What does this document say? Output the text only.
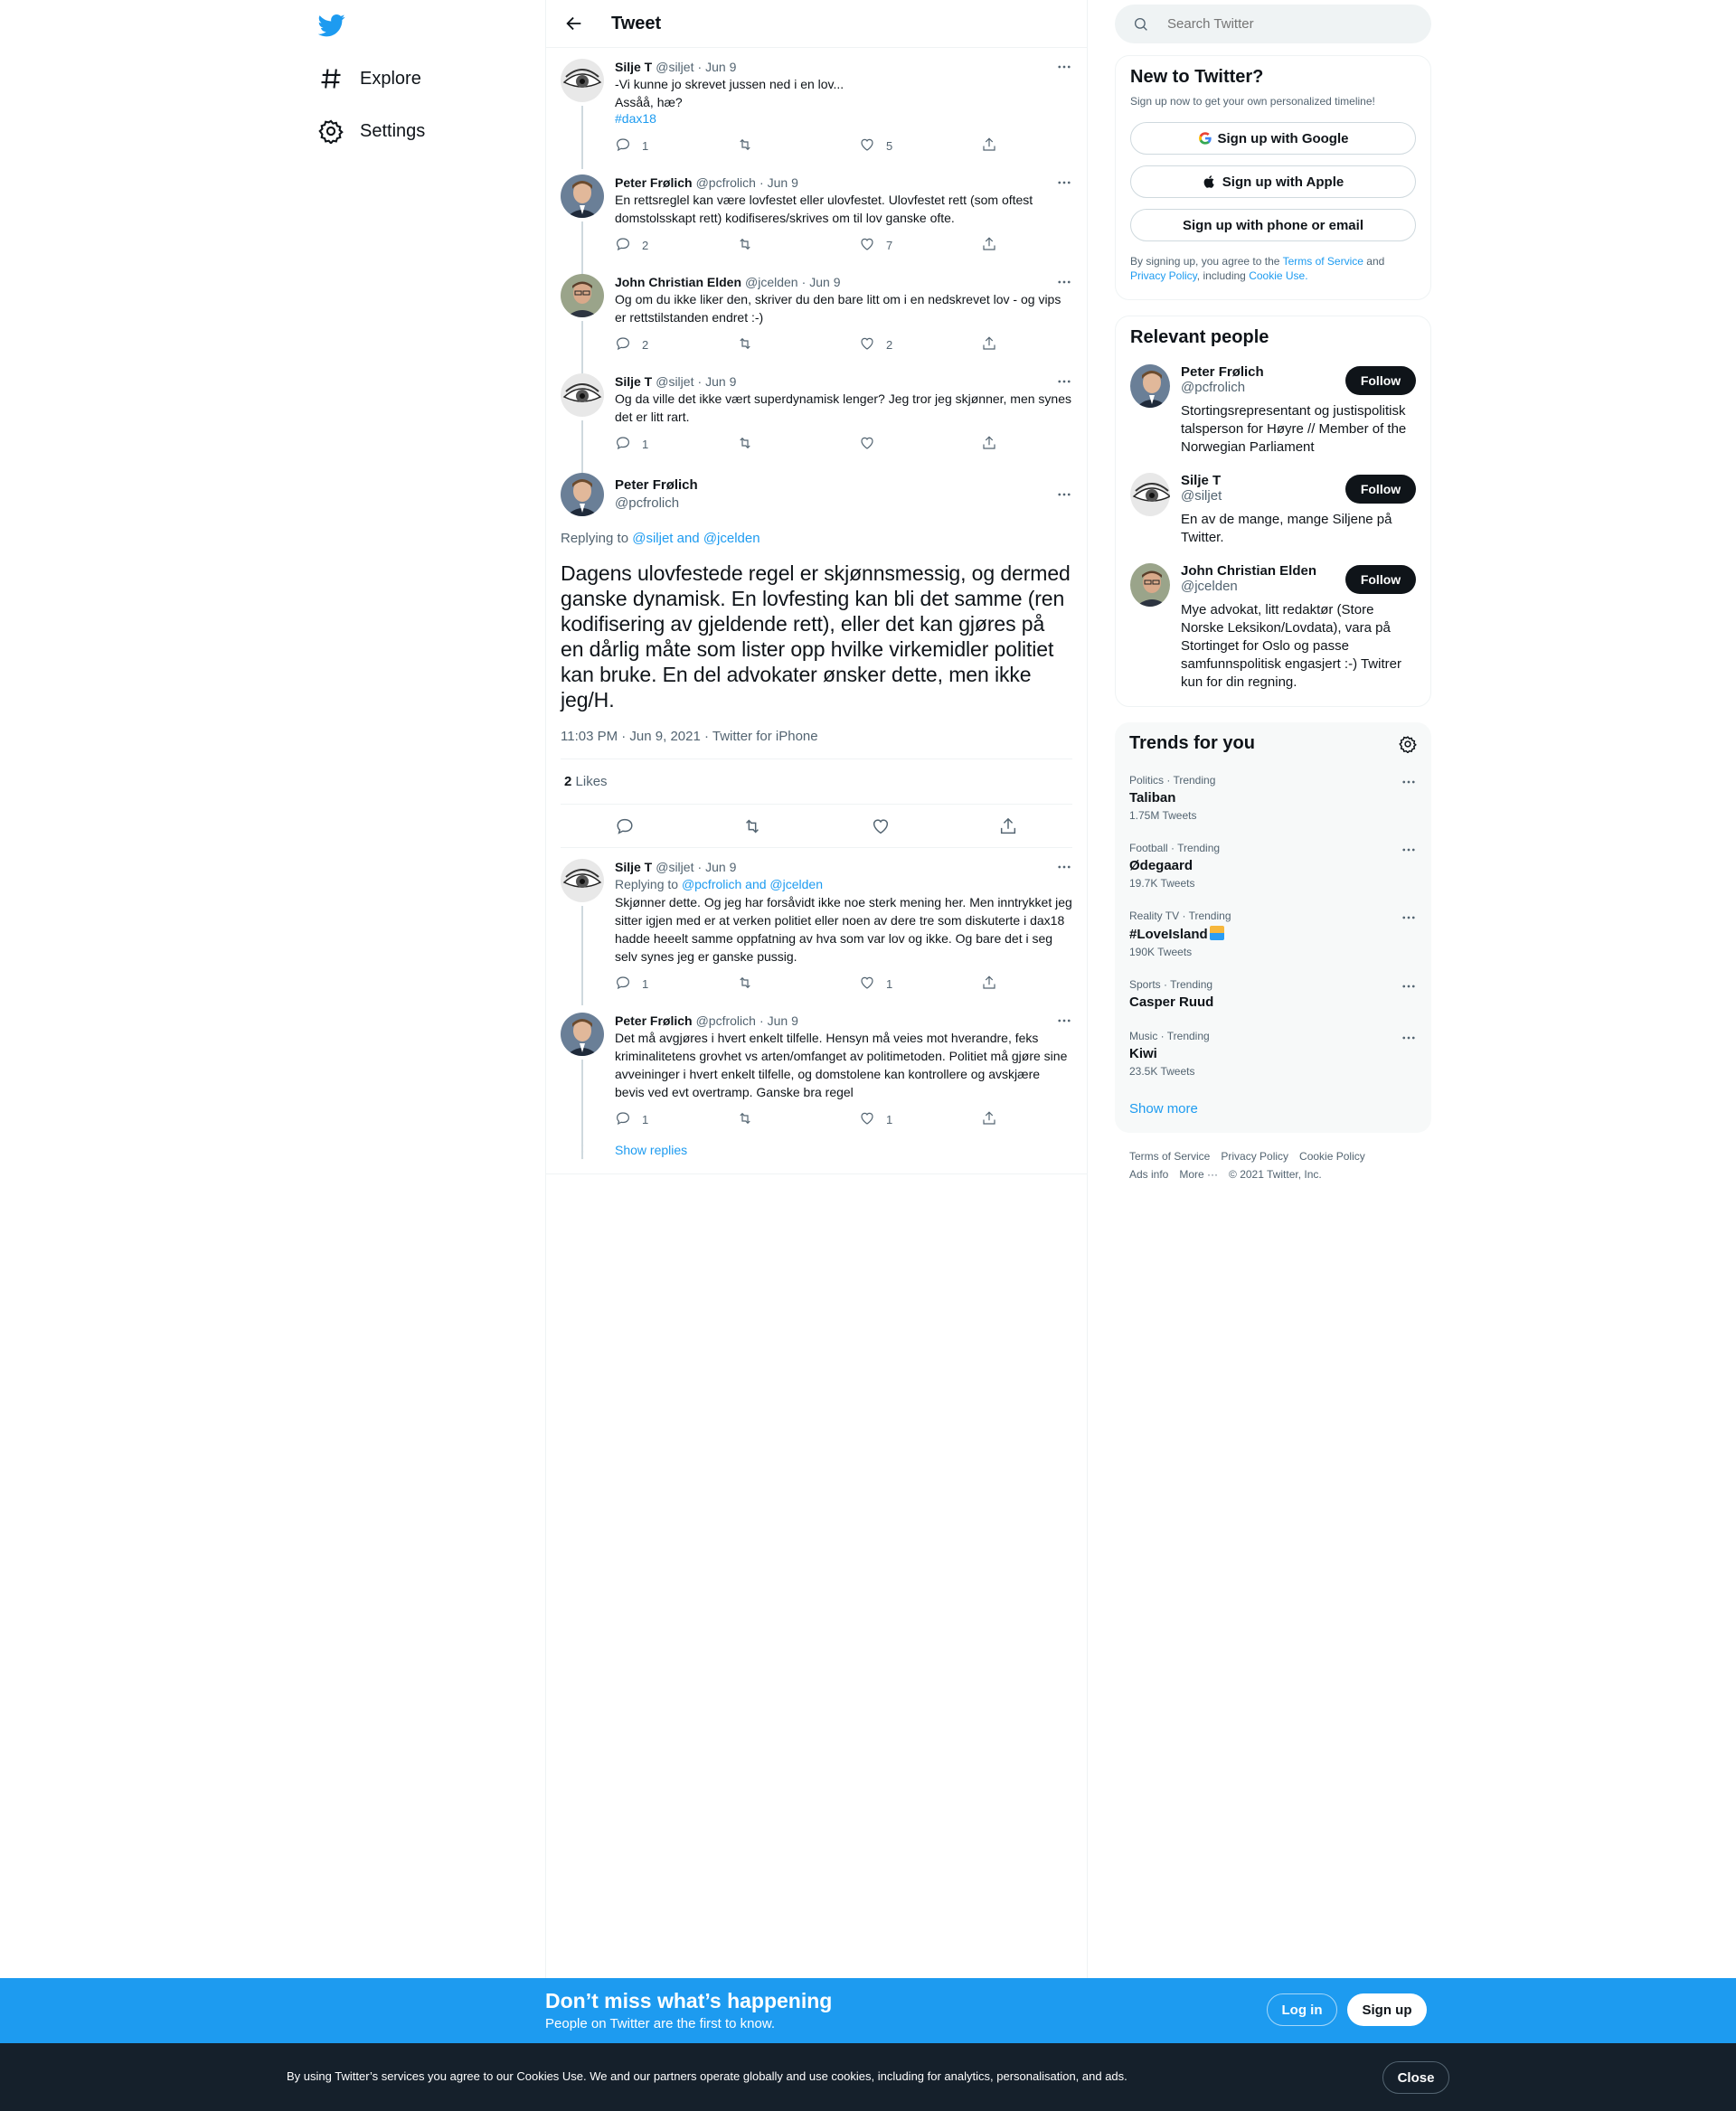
Explore
Settings
Tweet
Silje T @siljet · Jun 9
-Vi kunne jo skrevet jussen ned i en lov...
Assåå, hæ?
#dax18
1	5
Peter Frølich @pcfrolich · Jun 9
En rettsreglel kan være lovfestet eller ulovfestet. Ulovfestet rett (som oftest domstolsskapt rett) kodifiseres/skrives om til lov ganske ofte.
2	7
John Christian Elden @jcelden · Jun 9
Og om du ikke liker den, skriver du den bare litt om i en nedskrevet lov - og vips er rettstilstanden endret :-)
2	2
Silje T @siljet · Jun 9
Og da ville det ikke vært superdynamisk lenger? Jeg tror jeg skjønner, men synes det er litt rart.
1
Peter Frølich
@pcfrolich
Replying to @siljet and @jcelden
Dagens ulovfestede regel er skjønnsmessig, og dermed ganske dynamisk. En lovfesting kan bli det samme (ren kodifisering av gjeldende rett), eller det kan gjøres på en dårlig måte som lister opp hvilke virkemidler politiet kan bruke. En del advokater ønsker dette, men ikke jeg/H.
11:03 PM · Jun 9, 2021 · Twitter for iPhone
2 Likes
Silje T @siljet · Jun 9
Replying to @pcfrolich and @jcelden
Skjønner dette. Og jeg har forsåvidt ikke noe sterk mening her. Men inntrykket jeg sitter igjen med er at verken politiet eller noen av dere tre som diskuterte i dax18 hadde heeelt samme oppfatning av hva som var lov og ikke. Og bare det i seg selv synes jeg er ganske pussig.
1	1
Peter Frølich @pcfrolich · Jun 9
Det må avgjøres i hvert enkelt tilfelle. Hensyn må veies mot hverandre, feks kriminalitetens grovhet vs arten/omfanget av politimetoden. Politiet må gjøre sine avveininger i hvert enkelt tilfelle, og domstolene kan kontrollere og avskjære bevis ved evt overtramp. Ganske bra regel
1	1
Show replies
Search Twitter
New to Twitter?
Sign up now to get your own personalized timeline!
Sign up with Google
Sign up with Apple
Sign up with phone or email
By signing up, you agree to the Terms of Service and Privacy Policy, including Cookie Use.
Relevant people
Peter Frølich
@pcfrolich
Stortingsrepresentant og justispolitisk talsperson for Høyre // Member of the Norwegian Parliament
Follow
Silje T
@siljet
En av de mange, mange Siljene på Twitter.
Follow
John Christian Elden
@jcelden
Mye advokat, litt redaktør (Store Norske Leksikon/Lovdata), vara på Stortinget for Oslo og passe samfunnspolitisk engasjert :-) Twitrer kun for din regning.
Follow
Trends for you
Politics · Trending
Taliban
1.75M Tweets
Football · Trending
Ødegaard
19.7K Tweets
Reality TV · Trending
#LoveIsland
190K Tweets
Sports · Trending
Casper Ruud
Music · Trending
Kiwi
23.5K Tweets
Show more
Terms of Service Privacy Policy Cookie Policy
Ads info More ··· © 2021 Twitter, Inc.
Don’t miss what’s happening
People on Twitter are the first to know.
Log in	Sign up
By using Twitter’s services you agree to our Cookies Use. We and our partners operate globally and use cookies, including for analytics, personalisation, and ads.	Close
